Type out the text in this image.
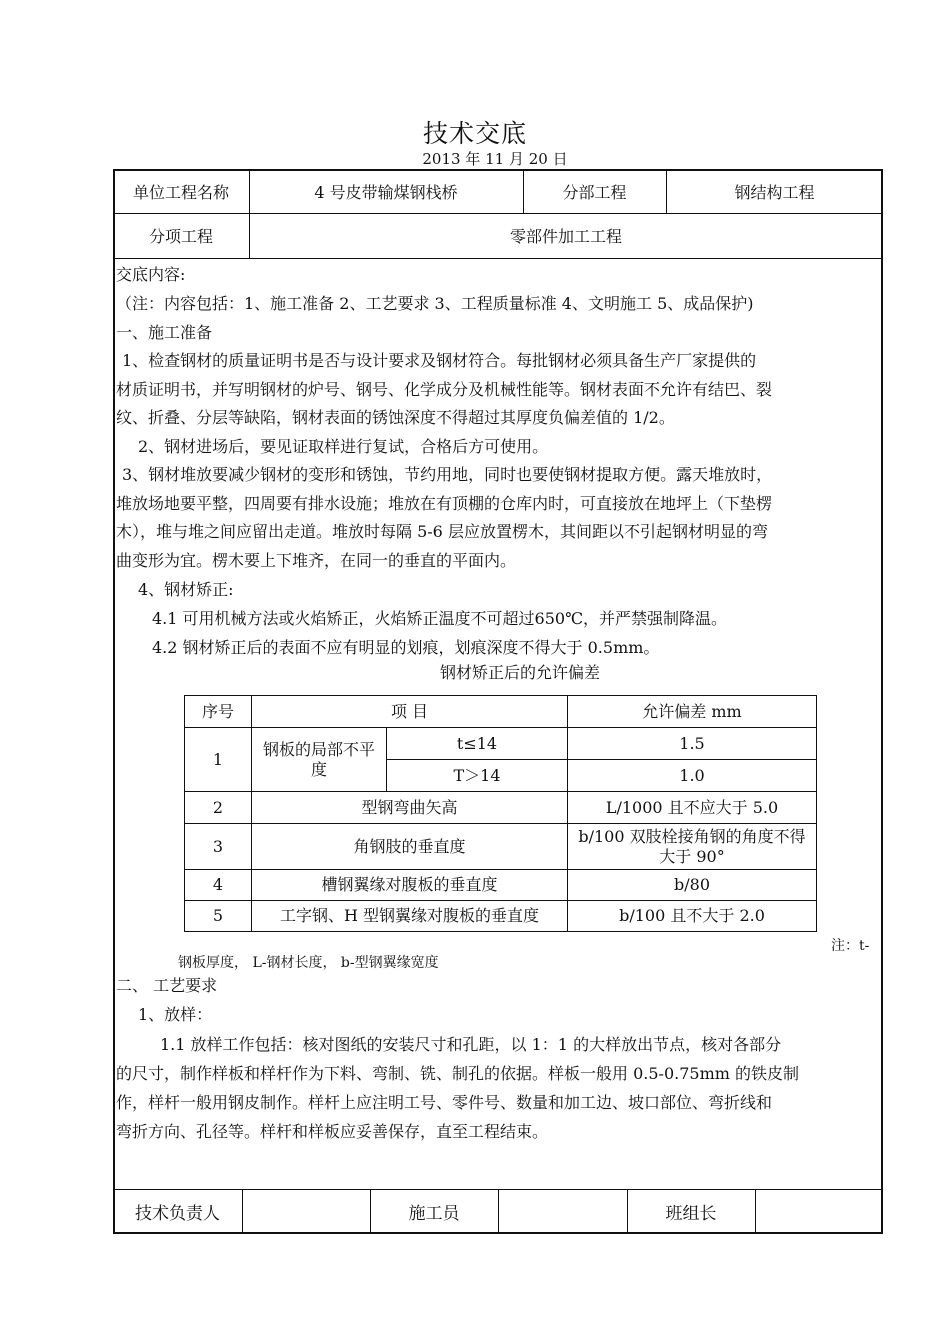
技术交底
2013 年 11 月 20 日
单位工程名称	4 号皮带输煤钢栈桥	分部工程	钢结构工程
分项工程	零部件加工工程
交底内容:
（注：内容包括：1、施工准备 2、工艺要求 3、工程质量标准 4、文明施工 5、成品保护)
一、施工准备
1、检查钢材的质量证明书是否与设计要求及钢材符合。每批钢材必须具备生产厂家提供的
材质证明书，并写明钢材的炉号、钢号、化学成分及机械性能等。钢材表面不允许有结巴、裂
纹、折叠、分层等缺陷，钢材表面的锈蚀深度不得超过其厚度负偏差值的 1/2。
2、钢材进场后，要见证取样进行复试，合格后方可使用。
3、钢材堆放要减少钢材的变形和锈蚀，节约用地，同时也要使钢材提取方便。露天堆放时，
堆放场地要平整，四周要有排水设施；堆放在有顶棚的仓库内时，可直接放在地坪上（下垫楞
木），堆与堆之间应留出走道。堆放时每隔 5-6 层应放置楞木，其间距以不引起钢材明显的弯
曲变形为宜。楞木要上下堆齐，在同一的垂直的平面内。
4、钢材矫正:
4.1 可用机械方法或火焰矫正，火焰矫正温度不可超过650℃，并严禁强制降温。
4.2 钢材矫正后的表面不应有明显的划痕，划痕深度不得大于 0.5mm。
钢材矫正后的允许偏差
序号	项 目		允许偏差 mm
1	钢板的局部不平度	t≤14	1.5
		T＞14	1.0
2	型钢弯曲矢高		L/1000 且不应大于 5.0
3	角钢肢的垂直度		b/100 双肢栓接角钢的角度不得大于 90°
4	槽钢翼缘对腹板的垂直度		b/80
5	工字钢、H 型钢翼缘对腹板的垂直度		b/100 且不大于 2.0
注：t-
钢板厚度， L-钢材长度， b-型钢翼缘宽度
二、 工艺要求
1、放样：
1.1 放样工作包括：核对图纸的安装尺寸和孔距，以 1：1 的大样放出节点，核对各部分
的尺寸，制作样板和样杆作为下料、弯制、铣、制孔的依据。样板一般用 0.5-0.75mm 的铁皮制
作，样杆一般用钢皮制作。样杆上应注明工号、零件号、数量和加工边、坡口部位、弯折线和
弯折方向、孔径等。样杆和样板应妥善保存，直至工程结束。
技术负责人	施工员	班组长
